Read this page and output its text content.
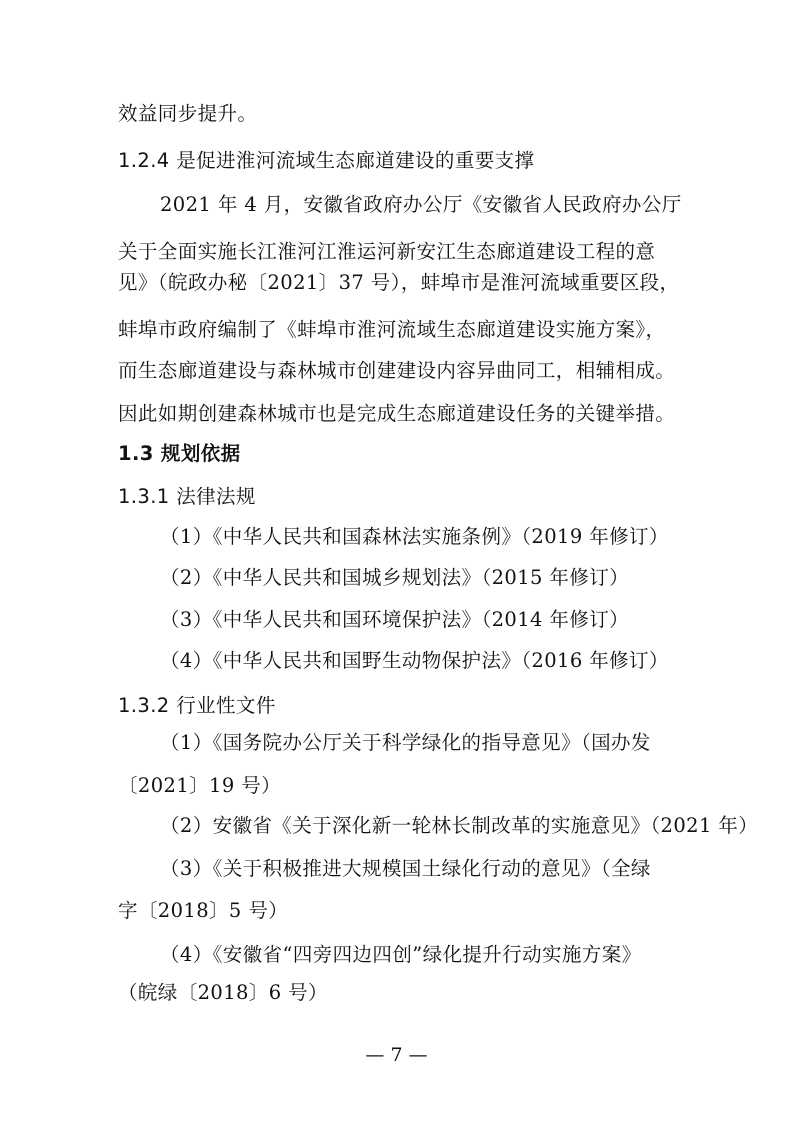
效益同步提升。
1.2.4 是促进淮河流域生态廊道建设的重要支撑
2021 年 4 月，安徽省政府办公厅《安徽省人民政府办公厅
关于全面实施长江淮河江淮运河新安江生态廊道建设工程的意
见》（皖政办秘〔2021〕37 号），蚌埠市是淮河流域重要区段，
蚌埠市政府编制了《蚌埠市淮河流域生态廊道建设实施方案》，
而生态廊道建设与森林城市创建建设内容异曲同工，相辅相成。
因此如期创建森林城市也是完成生态廊道建设任务的关键举措。
1.3 规划依据
1.3.1 法律法规
（1）《中华人民共和国森林法实施条例》（2019 年修订）
（2）《中华人民共和国城乡规划法》（2015 年修订）
（3）《中华人民共和国环境保护法》（2014 年修订）
（4）《中华人民共和国野生动物保护法》（2016 年修订）
1.3.2 行业性文件
（1）《国务院办公厅关于科学绿化的指导意见》（国办发
〔2021〕19 号）
（2）安徽省《关于深化新一轮林长制改革的实施意见》（2021 年）
（3）《关于积极推进大规模国土绿化行动的意见》（全绿
字〔2018〕5 号）
（4）《安徽省“四旁四边四创”绿化提升行动实施方案》
（皖绿〔2018〕6 号）
— 7 —
